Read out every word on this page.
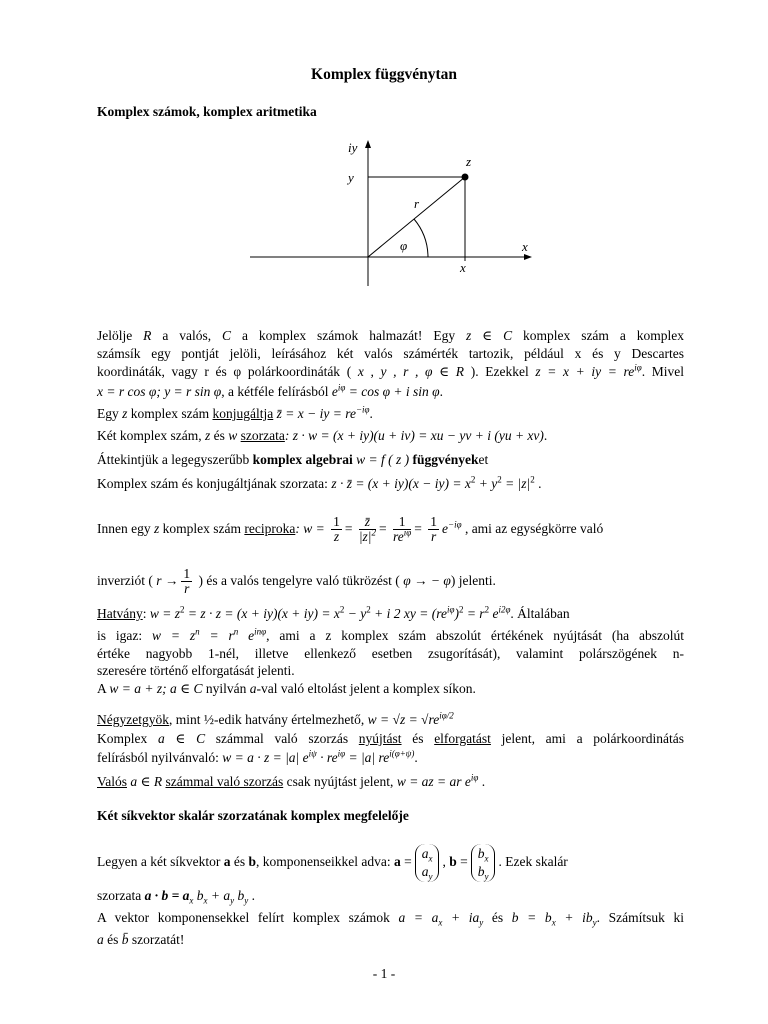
Komplex függvénytan
Komplex számok, komplex aritmetika
iy
y
z
r
φ	x
x
Jelölje R a valós, C a komplex számok halmazát! Egy z ∈ C komplex szám a komplex
számsík egy pontját jelöli, leírásához két valós számérték tartozik, például x és y Descartes
koordináták, vagy r és φ polárkoordináták ( x , y , r , φ ∈ R ). Ezekkel z = x + iy = $re^{i\varphi}$. Mivel
x = r cos φ; y = r sin φ, a kétféle felírásból $e^{i\varphi} = \cos \varphi + i$ sin φ.
Egy z komplex szám konjugáltja z̄ = x − iy = $re^{-i\varphi}$.
Két komplex szám, z és w szorzata: z · w = (x + iy)(u + iv) = xu − yv + i (yu + xv).
Áttekintjük a legegyszerűbb komplex algebrai w = f ( z ) függvényeket
Komplex szám és konjugáltjának szorzata: z · z̄ = $(x + iy)(x - iy) = x^2 + y^2 = |z|^2$ .
Innen egy z komplex szám reciproka: $w = \frac{1}{z} = \frac{z̄}{|z|^2} = \frac{1}{re^{i\varphi}} = \frac{1}{r} e^{-i\varphi}$ , ami az egységkörre való
inverziót ( $r \to \frac{1}{r}$ ) és a valós tengelyre való tükrözést ( φ → − φ) jelenti.
Hatvány: $w = z^2 = z \cdot z = (x + iy)(x + iy) = x^2 - y^2 + i$ 2 xy = $(re^{i\varphi})^2 = r^2$ $e^{i2\varphi}$. Általában
is igaz: $w = z^n = r^n$ $e^{in\varphi}$, ami a z komplex szám abszolút értékének nyújtását (ha abszolút
értéke nagyobb 1-nél, illetve ellenkező esetben zsugorítását), valamint polárszögének n-
szeresére történő elforgatását jelenti.
A w = a + z; a ∈ C nyilván a-val való eltolást jelent a komplex síkon.
Négyzetgyök, mint ½-edik hatvány értelmezhető, $w = √z = √re^{i\varphi/2}$
Komplex a ∈ C számmal való szorzás nyújtást és elforgatást jelent, ami a polárkoordinátás
felírásból nyilvánvaló: w = a · z = |a| $e^{i\psi} \cdot re^{i\varphi} = |a|$ $re^{i(\varphi+\psi)}$.
Valós a ∈ R számmal való szorzás csak nyújtást jelent, w = az = ar $e^{i\varphi}$ .
Két síkvektor skalár szorzatának komplex megfelelője
Legyen a két síkvektor a és b, komponenseikkel adva: a =
$a_x$
$a_y$
, b =
$b_x$
$b_y$
. Ezek skalár
szorzata $a \cdot b = a_x$ $b_x + a_y$ $b_y$ .
A vektor komponensekkel felírt komplex számok $a = a_x + ia_y$ és $b = b_x + ib_y$. Számítsuk ki
a és b̄ szorzatát!
- 1 -
